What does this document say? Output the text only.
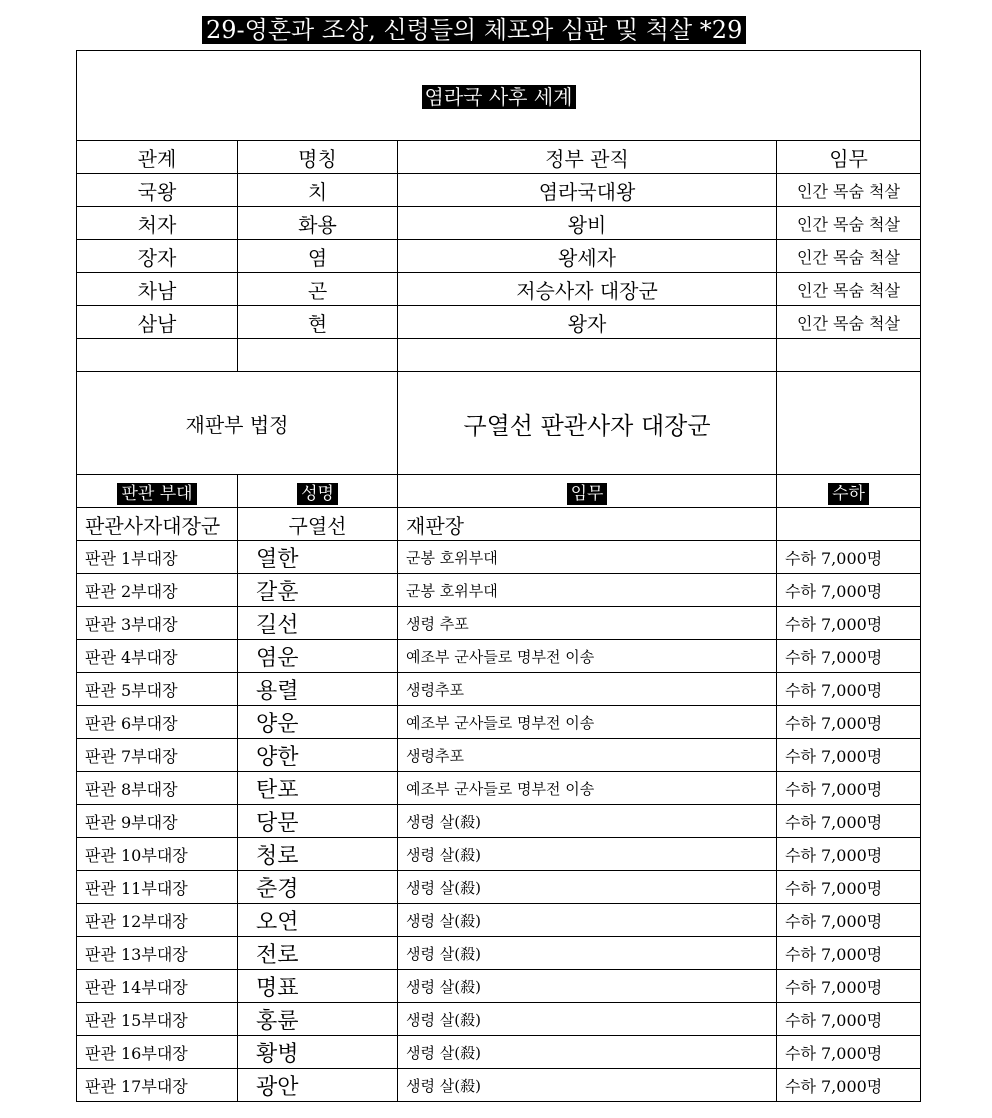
29-영혼과 조상, 신령들의 체포와 심판 및 척살 *29
염라국 사후 세계			
관계	명칭	정부 관직	임무
국왕	치	염라국대왕	인간 목숨 척살
처자	화용	왕비	인간 목숨 척살
장자	염	왕세자	인간 목숨 척살
차남	곤	저승사자 대장군	인간 목숨 척살
삼남	현	왕자	인간 목숨 척살

재판부 법정		구열선 판관사자 대장군	
판관 부대	성명	임무	수하
판관사자대장군	구열선	재판장	
판관 1부대장	열한	군봉 호위부대	수하 7,000명
판관 2부대장	갈훈	군봉 호위부대	수하 7,000명
판관 3부대장	길선	생령 추포	수하 7,000명
판관 4부대장	염운	예조부 군사들로 명부전 이송	수하 7,000명
판관 5부대장	용렬	생령추포	수하 7,000명
판관 6부대장	양운	예조부 군사들로 명부전 이송	수하 7,000명
판관 7부대장	양한	생령추포	수하 7,000명
판관 8부대장	탄포	예조부 군사들로 명부전 이송	수하 7,000명
판관 9부대장	당문	생령 살(殺)	수하 7,000명
판관 10부대장	청로	생령 살(殺)	수하 7,000명
판관 11부대장	춘경	생령 살(殺)	수하 7,000명
판관 12부대장	오연	생령 살(殺)	수하 7,000명
판관 13부대장	전로	생령 살(殺)	수하 7,000명
판관 14부대장	명표	생령 살(殺)	수하 7,000명
판관 15부대장	홍륜	생령 살(殺)	수하 7,000명
판관 16부대장	황병	생령 살(殺)	수하 7,000명
판관 17부대장	광안	생령 살(殺)	수하 7,000명
